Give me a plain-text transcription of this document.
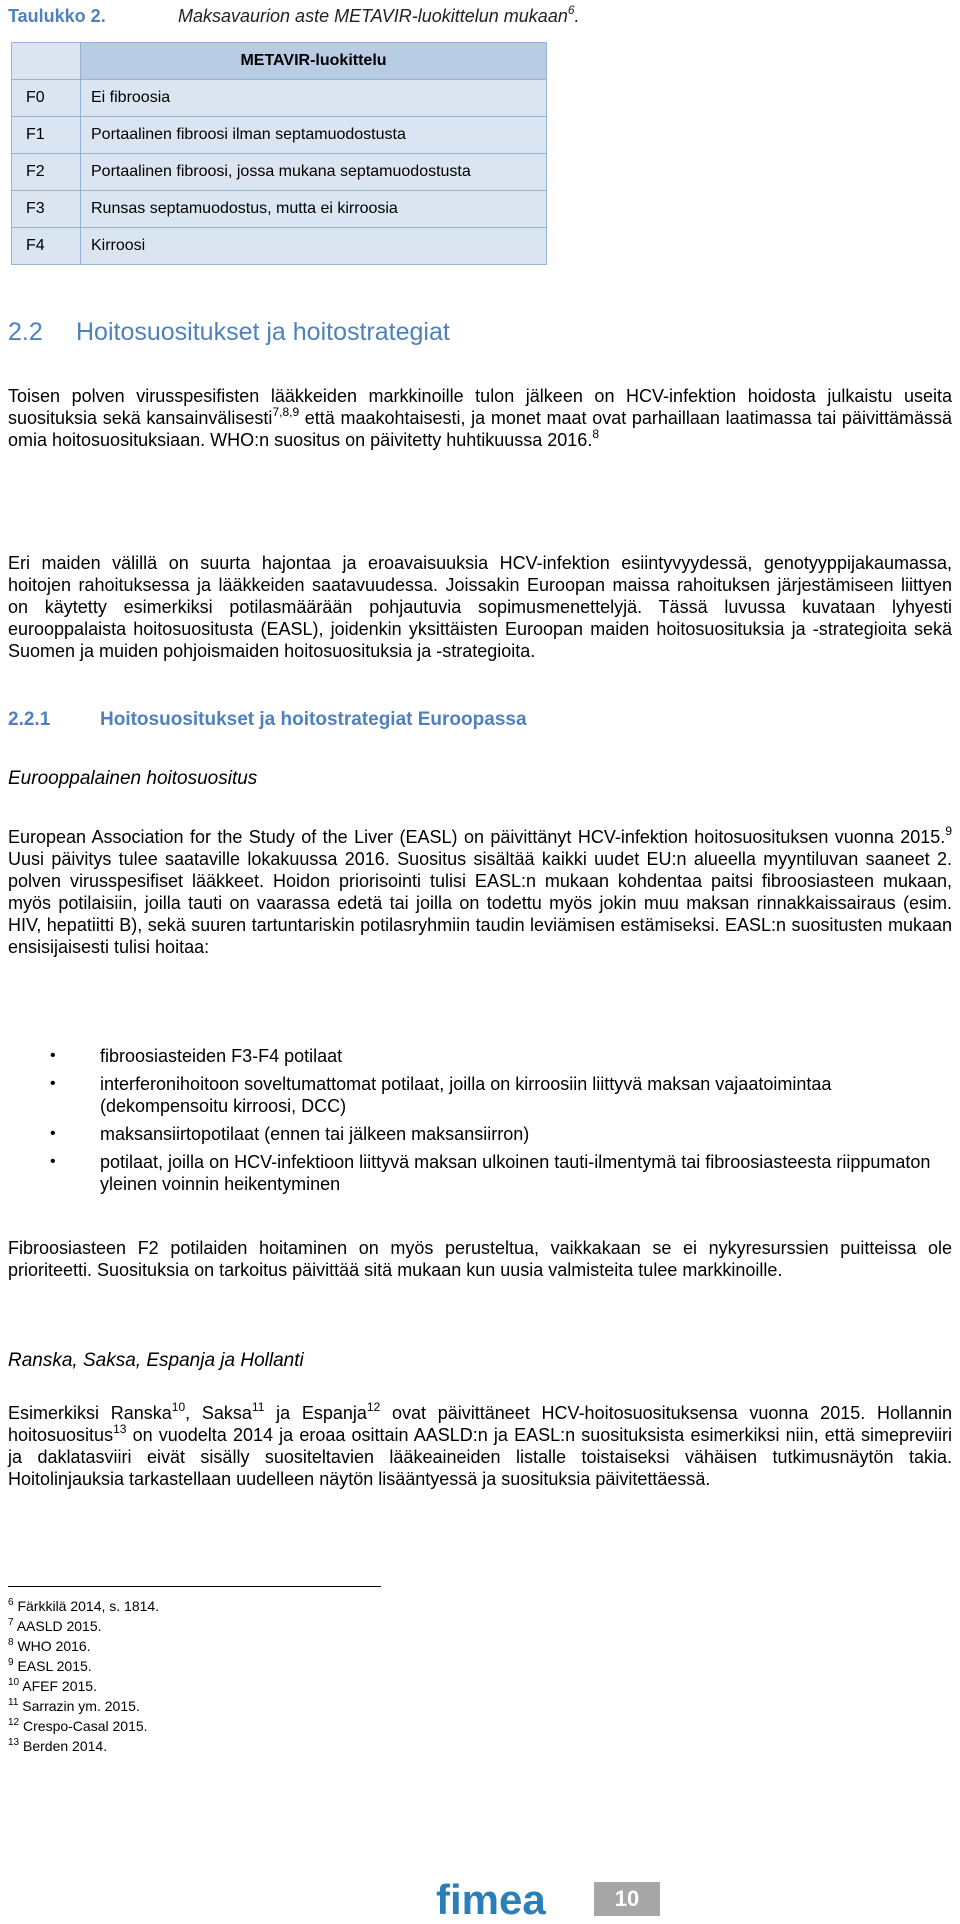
Taulukko 2.	Maksavaurion aste METAVIR-luokittelun mukaan$^6$.
	METAVIR-luokittelu
F0	Ei fibroosia
F1	Portaalinen fibroosi ilman septamuodostusta
F2	Portaalinen fibroosi, jossa mukana septamuodostusta
F3	Runsas septamuodostus, mutta ei kirroosia
F4	Kirroosi
2.2 Hoitosuositukset ja hoitostrategiat

Toisen polven virusspesifisten lääkkeiden markkinoille tulon jälkeen on HCV-infektion hoidosta julkaistu useita suosituksia sekä kansainvälisesti$^{7,8,9}$ että maakohtaisesti, ja monet maat ovat parhaillaan laatimassa tai päivittämässä omia hoitosuosituksiaan. WHO:n suositus on päivitetty huhtikuussa 2016.$^8$

Eri maiden välillä on suurta hajontaa ja eroavaisuuksia HCV-infektion esiintyvyydessä, genotyyppijakaumassa, hoitojen rahoituksessa ja lääkkeiden saatavuudessa. Joissakin Euroopan maissa rahoituksen järjestämiseen liittyen on käytetty esimerkiksi potilasmäärään pohjautuvia sopimusmenettelyjä. Tässä luvussa kuvataan lyhyesti eurooppalaista hoitosuositusta (EASL), joidenkin yksittäisten Euroopan maiden hoitosuosituksia ja -strategioita sekä Suomen ja muiden pohjoismaiden hoitosuosituksia ja -strategioita.

2.2.1	Hoitosuositukset ja hoitostrategiat Euroopassa
Eurooppalainen hoitosuositus

European Association for the Study of the Liver (EASL) on päivittänyt HCV-infektion hoitosuosituksen vuonna 2015.$^9$ Uusi päivitys tulee saataville lokakuussa 2016. Suositus sisältää kaikki uudet EU:n alueella myyntiluvan saaneet 2. polven virusspesifiset lääkkeet. Hoidon priorisointi tulisi EASL:n mukaan kohdentaa paitsi fibroosiasteen mukaan, myös potilaisiin, joilla tauti on vaarassa edetä tai joilla on todettu myös jokin muu maksan rinnakkaissairaus (esim. HIV, hepatiitti B), sekä suuren tartuntariskin potilasryhmiin taudin leviämisen estämiseksi. EASL:n suositusten mukaan ensisijaisesti tulisi hoitaa:

• fibroosiasteiden F3-F4 potilaat
• interferonihoitoon soveltumattomat potilaat, joilla on kirroosiin liittyvä maksan vajaatoimintaa (dekompensoitu kirroosi, DCC)
• maksansiirtopotilaat (ennen tai jälkeen maksansiirron)
• potilaat, joilla on HCV-infektioon liittyvä maksan ulkoinen tauti-ilmentymä tai fibroosiasteesta riippumaton yleinen voinnin heikentyminen

Fibroosiasteen F2 potilaiden hoitaminen on myös perusteltua, vaikkakaan se ei nykyresurssien puitteissa ole prioriteetti. Suosituksia on tarkoitus päivittää sitä mukaan kun uusia valmisteita tulee markkinoille.

Ranska, Saksa, Espanja ja Hollanti

Esimerkiksi Ranska$^{10}$, Saksa$^{11}$ ja Espanja$^{12}$ ovat päivittäneet HCV-hoitosuosituksensa vuonna 2015. Hollannin hoitosuositus$^{13}$ on vuodelta 2014 ja eroaa osittain AASLD:n ja EASL:n suosituksista esimerkiksi niin, että simepreviiri ja daklatasviiri eivät sisälly suositeltavien lääkeaineiden listalle toistaiseksi vähäisen tutkimusnäytön takia. Hoitolinjauksia tarkastellaan uudelleen näytön lisääntyessä ja suosituksia päivitettäessä.

$^6$ Färkkilä 2014, s. 1814.
$^7$ AASLD 2015.
$^8$ WHO 2016.
$^9$ EASL 2015.
$^{10}$ AFEF 2015.
$^{11}$ Sarrazin ym. 2015.
$^{12}$ Crespo-Casal 2015.
$^{13}$ Berden 2014.
fimea	10
